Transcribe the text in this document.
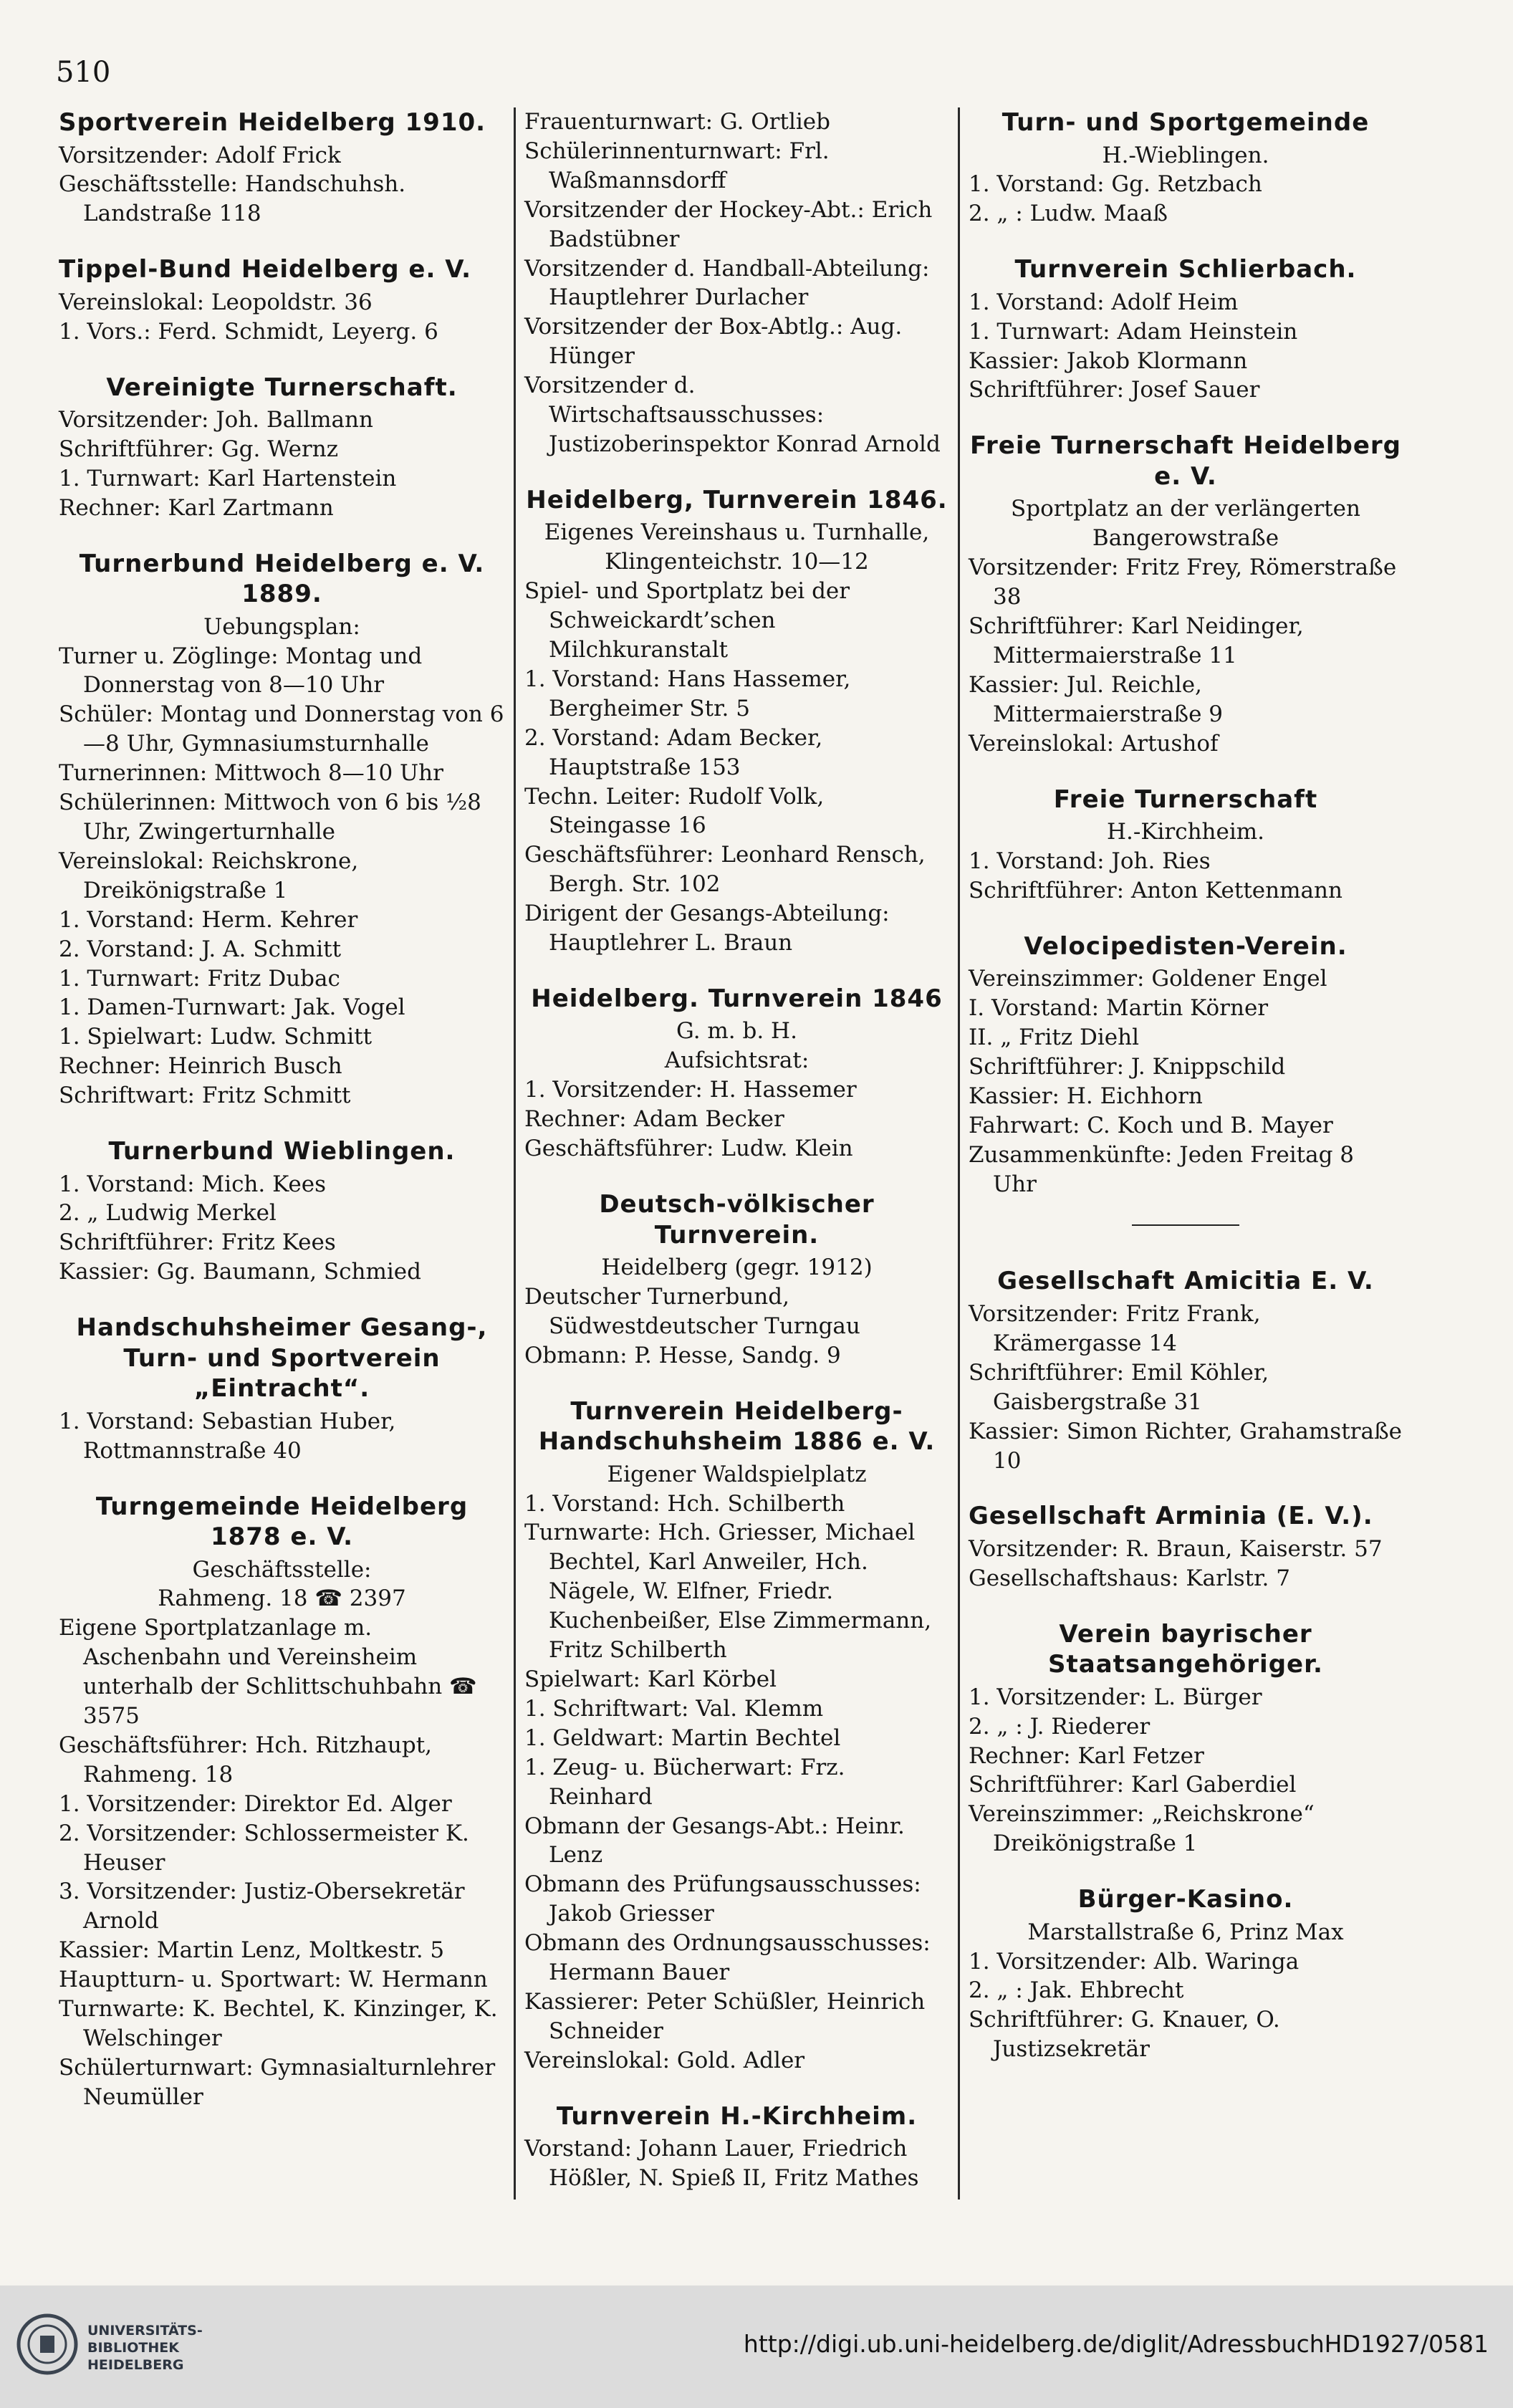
510
Sportverein Heidelberg 1910.
Vorsitzender: Adolf Frick
Geschäftsstelle: Handschuhsh. Landstraße 118
Tippel-Bund Heidelberg e. V.
Vereinslokal: Leopoldstr. 36
1. Vors.: Ferd. Schmidt, Leyerg. 6
Vereinigte Turnerschaft.
Vorsitzender: Joh. Ballmann
Schriftführer: Gg. Wernz
1. Turnwart: Karl Hartenstein
Rechner: Karl Zartmann
Turnerbund Heidelberg e. V. 1889.
Uebungsplan:
Turner u. Zöglinge: Montag und Donnerstag von 8—10 Uhr
Schüler: Montag und Donnerstag von 6—8 Uhr, Gymnasiumsturnhalle
Turnerinnen: Mittwoch 8—10 Uhr
Schülerinnen: Mittwoch von 6 bis ½8 Uhr, Zwingerturnhalle
Vereinslokal: Reichskrone, Dreikönigstraße 1
1. Vorstand: Herm. Kehrer
2. Vorstand: J. A. Schmitt
1. Turnwart: Fritz Dubac
1. Damen-Turnwart: Jak. Vogel
1. Spielwart: Ludw. Schmitt
Rechner: Heinrich Busch
Schriftwart: Fritz Schmitt
Turnerbund Wieblingen.
1. Vorstand: Mich. Kees
2. „ Ludwig Merkel
Schriftführer: Fritz Kees
Kassier: Gg. Baumann, Schmied
Handschuhsheimer Gesang-, Turn- und Sportverein „Eintracht“.
1. Vorstand: Sebastian Huber, Rottmannstraße 40
Turngemeinde Heidelberg 1878 e. V.
Geschäftsstelle:
Rahmeng. 18 ☎ 2397
Eigene Sportplatzanlage m. Aschenbahn und Vereinsheim unterhalb der Schlittschuhbahn ☎ 3575
Geschäftsführer: Hch. Ritzhaupt, Rahmeng. 18
1. Vorsitzender: Direktor Ed. Alger
2. Vorsitzender: Schlossermeister K. Heuser
3. Vorsitzender: Justiz-Obersekretär Arnold
Kassier: Martin Lenz, Moltkestr. 5
Hauptturn- u. Sportwart: W. Hermann
Turnwarte: K. Bechtel, K. Kinzinger, K. Welschinger
Schülerturnwart: Gymnasialturnlehrer Neumüller
Frauenturnwart: G. Ortlieb
Schülerinnenturnwart: Frl. Waßmannsdorff
Vorsitzender der Hockey-Abt.: Erich Badstübner
Vorsitzender d. Handball-Abteilung: Hauptlehrer Durlacher
Vorsitzender der Box-Abtlg.: Aug. Hünger
Vorsitzender d. Wirtschaftsausschusses: Justizoberinspektor Konrad Arnold
Heidelberg, Turnverein 1846.
Eigenes Vereinshaus u. Turnhalle, Klingenteichstr. 10—12
Spiel- und Sportplatz bei der Schweickardt’schen Milchkuranstalt
1. Vorstand: Hans Hassemer, Bergheimer Str. 5
2. Vorstand: Adam Becker, Hauptstraße 153
Techn. Leiter: Rudolf Volk, Steingasse 16
Geschäftsführer: Leonhard Rensch, Bergh. Str. 102
Dirigent der Gesangs-Abteilung: Hauptlehrer L. Braun
Heidelberg. Turnverein 1846
G. m. b. H.
Aufsichtsrat:
1. Vorsitzender: H. Hassemer
Rechner: Adam Becker
Geschäftsführer: Ludw. Klein
Deutsch-völkischer Turnverein.
Heidelberg (gegr. 1912)
Deutscher Turnerbund, Südwestdeutscher Turngau
Obmann: P. Hesse, Sandg. 9
Turnverein Heidelberg-Handschuhsheim 1886 e. V.
Eigener Waldspielplatz
1. Vorstand: Hch. Schilberth
Turnwarte: Hch. Griesser, Michael Bechtel, Karl Anweiler, Hch. Nägele, W. Elfner, Friedr. Kuchenbeißer, Else Zimmermann, Fritz Schilberth
Spielwart: Karl Körbel
1. Schriftwart: Val. Klemm
1. Geldwart: Martin Bechtel
1. Zeug- u. Bücherwart: Frz. Reinhard
Obmann der Gesangs-Abt.: Heinr. Lenz
Obmann des Prüfungsausschusses: Jakob Griesser
Obmann des Ordnungsausschusses: Hermann Bauer
Kassierer: Peter Schüßler, Heinrich Schneider
Vereinslokal: Gold. Adler
Turnverein H.-Kirchheim.
Vorstand: Johann Lauer, Friedrich Hößler, N. Spieß II, Fritz Mathes
Turn- und Sportgemeinde
H.-Wieblingen.
1. Vorstand: Gg. Retzbach
2. „ : Ludw. Maaß
Turnverein Schlierbach.
1. Vorstand: Adolf Heim
1. Turnwart: Adam Heinstein
Kassier: Jakob Klormann
Schriftführer: Josef Sauer
Freie Turnerschaft Heidelberg e. V.
Sportplatz an der verlängerten Bangerowstraße
Vorsitzender: Fritz Frey, Römerstraße 38
Schriftführer: Karl Neidinger, Mittermaierstraße 11
Kassier: Jul. Reichle, Mittermaierstraße 9
Vereinslokal: Artushof
Freie Turnerschaft
H.-Kirchheim.
1. Vorstand: Joh. Ries
Schriftführer: Anton Kettenmann
Velocipedisten-Verein.
Vereinszimmer: Goldener Engel
I. Vorstand: Martin Körner
II. „ Fritz Diehl
Schriftführer: J. Knippschild
Kassier: H. Eichhorn
Fahrwart: C. Koch und B. Mayer
Zusammenkünfte: Jeden Freitag 8 Uhr
Gesellschaft Amicitia E. V.
Vorsitzender: Fritz Frank, Krämergasse 14
Schriftführer: Emil Köhler, Gaisbergstraße 31
Kassier: Simon Richter, Grahamstraße 10
Gesellschaft Arminia (E. V.).
Vorsitzender: R. Braun, Kaiserstr. 57
Gesellschaftshaus: Karlstr. 7
Verein bayrischer Staatsangehöriger.
1. Vorsitzender: L. Bürger
2. „ : J. Riederer
Rechner: Karl Fetzer
Schriftführer: Karl Gaberdiel
Vereinszimmer: „Reichskrone“ Dreikönigstraße 1
Bürger-Kasino.
Marstallstraße 6, Prinz Max
1. Vorsitzender: Alb. Waringa
2. „ : Jak. Ehbrecht
Schriftführer: G. Knauer, O. Justizsekretär
UNIVERSITÄTS-
BIBLIOTHEK
HEIDELBERG
http://digi.ub.uni-heidelberg.de/diglit/AdressbuchHD1927/0581
